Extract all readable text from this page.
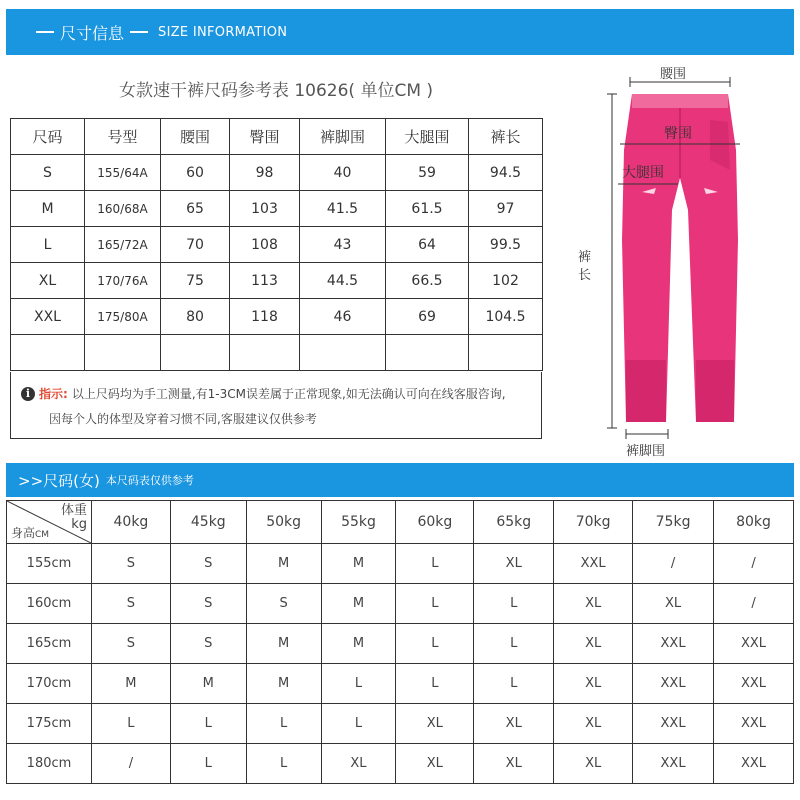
尺寸信息	SIZE INFORMATION
女款速干裤尺码参考表 10626( 单位CM )
尺码	号型	腰围	臀围	裤脚围	大腿围	裤长
S	155/64A	60	98	40	59	94.5
M	160/68A	65	103	41.5	61.5	97
L	165/72A	70	108	43	64	99.5
XL	170/76A	75	113	44.5	66.5	102
XXL	175/80A	80	118	46	69	104.5

i 指示: 以上尺码均为手工测量,有1-3CM误差属于正常现象,如无法确认可向在线客服咨询,
因每个人的体型及穿着习惯不同,客服建议仅供参考
腰围
臀围
大腿围
裤
长
裤脚围
>>尺码(女) 本尺码表仅供参考
体重
kg
身高CM	40kg	45kg	50kg	55kg	60kg	65kg	70kg	75kg	80kg
155cm	S	S	M	M	L	XL	XXL	/	/
160cm	S	S	S	M	L	L	XL	XL	/
165cm	S	S	M	M	L	L	XL	XXL	XXL
170cm	M	M	M	L	L	L	XL	XXL	XXL
175cm	L	L	L	L	XL	XL	XL	XXL	XXL
180cm	/	L	L	XL	XL	XL	XL	XXL	XXL
